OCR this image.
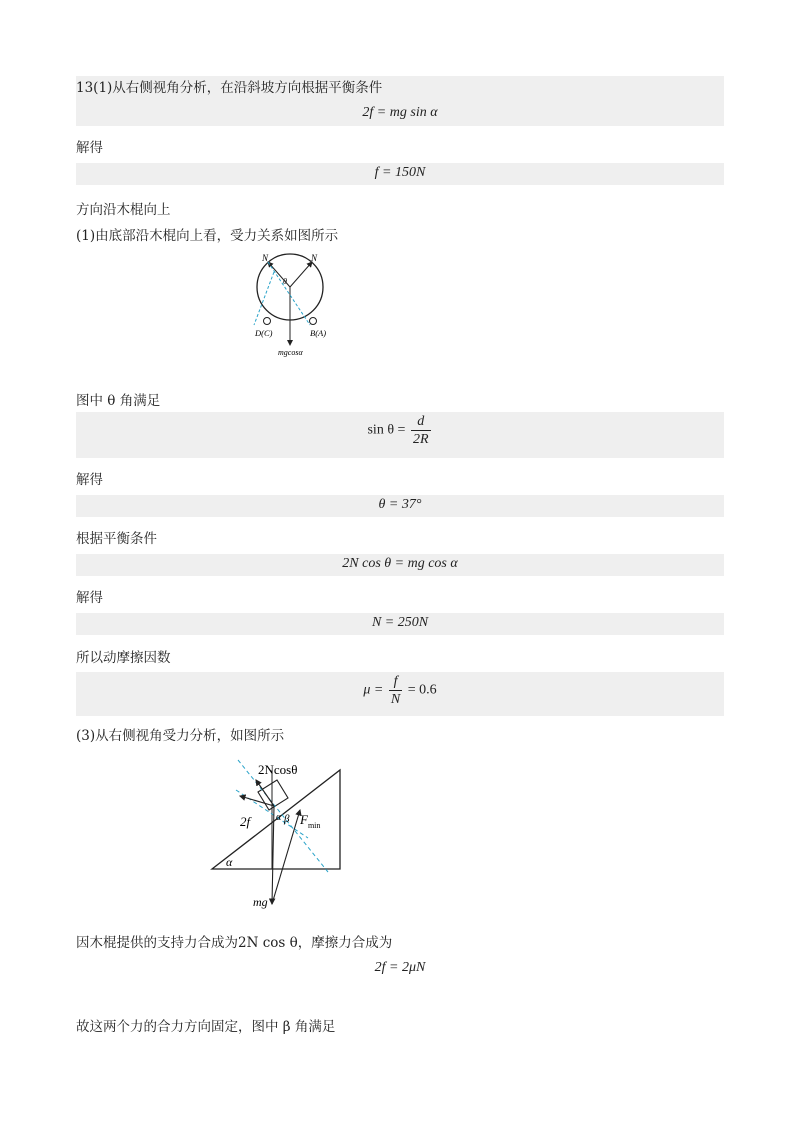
13(1)从右侧视角分析，在沿斜坡方向根据平衡条件
2f = mg sin α
解得
f = 150N
方向沿木棍向上
(1)由底部沿木棍向上看，受力关系如图所示
N	N
θ
D(C)	B(A)
mgcosα
图中 θ 角满足
$\sin \theta = \frac{d}{2R}$
解得
θ = 37°
根据平衡条件
2N cos θ = mg cos α
解得
N = 250N
所以动摩擦因数
$\mu = \frac{f}{N} = 0.6$
(3)从右侧视角受力分析，如图所示
2Ncosθ
2f	α β
α
$F_{min}$
mg
因木棍提供的支持力合成为2N cos θ，摩擦力合成为
2f = 2μN
故这两个力的合力方向固定，图中 β 角满足
